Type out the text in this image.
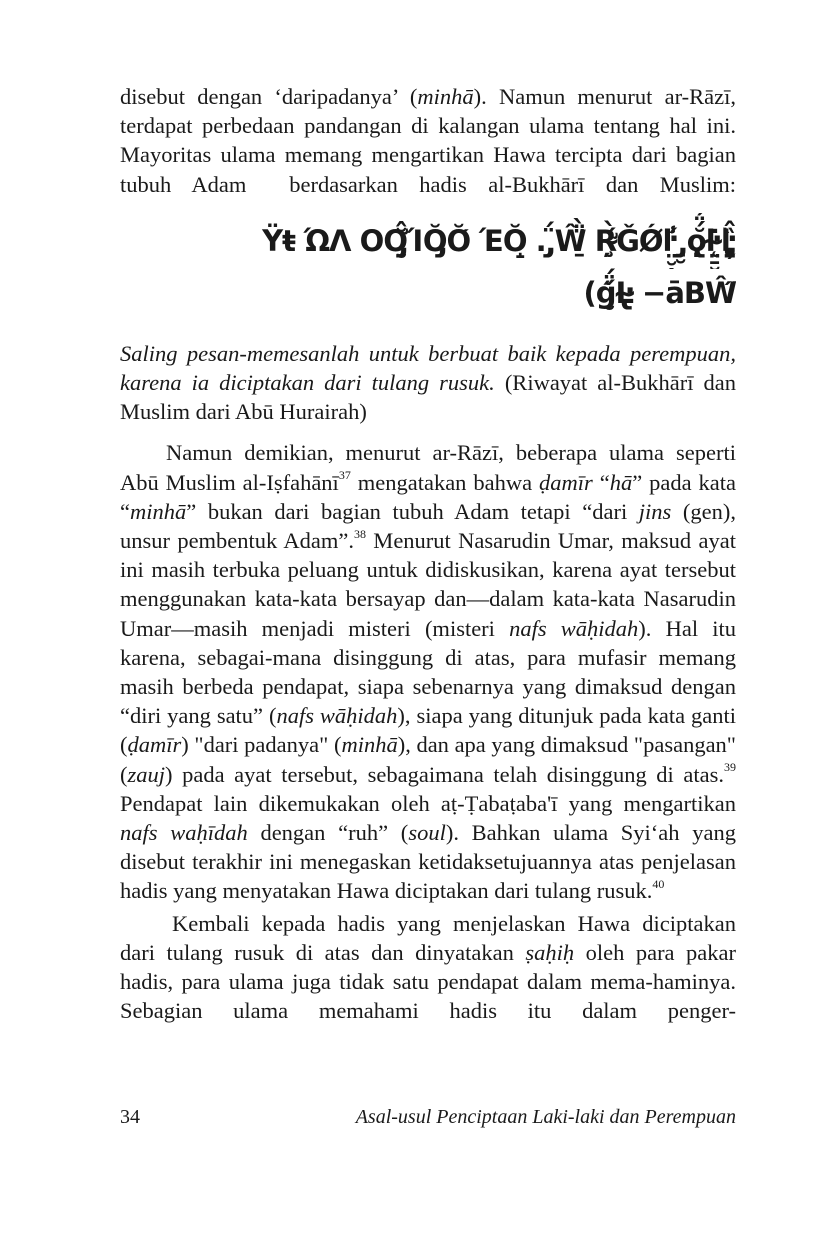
disebut dengan ‘daripadanya’ (minhā). Namun menurut ar-Rāzī, terdapat perbedaan pandangan di kalangan ulama tentang hal ini. Mayoritas ulama memang mengartikan Hawa tercipta dari bagian tubuh Adam  berdasarkan hadis al-Bukhārī dan Muslim:

Ÿ‪ŧ ΏΛ ΟƠ̡̮̆̂ΊŎ̡̧Ŏ́ ΈŎ̝ . ̡̈́Ŵ̱̈̈̀ Ŗ̴̧̛́̀ǦǾŀ̤̮̭́̾ ̡̱̮ọ̢̆́̈́̈ŀ̴̨̤̱̮̇ŀ̧̡̨̢̗̏̂
(ģ̮́̈́Ŀ̴̢ −āΒŴ̋

Saling pesan-memesanlah untuk berbuat baik kepada perempuan, karena ia diciptakan dari tulang rusuk. (Riwayat al-Bukhārī dan Muslim dari Abū Hurairah)

Namun demikian, menurut ar-Rāzī, beberapa ulama seperti Abū Muslim al-Iṣfahānī$^{37}$ mengatakan bahwa ḍamīr “hā” pada kata “minhā” bukan dari bagian tubuh Adam tetapi “dari jins (gen), unsur pembentuk Adam”.$^{38}$ Menurut Nasarudin Umar, maksud ayat ini masih terbuka peluang untuk didiskusikan, karena ayat tersebut menggunakan kata-kata bersayap dan—dalam kata-kata Nasarudin Umar—masih menjadi misteri (misteri nafs wāḥidah). Hal itu karena, sebagai-mana disinggung di atas, para mufasir memang masih berbeda pendapat, siapa sebenarnya yang dimaksud dengan “diri yang satu” (nafs wāḥidah), siapa yang ditunjuk pada kata ganti (ḍamīr) "dari padanya" (minhā), dan apa yang dimaksud "pasangan" (zauj) pada ayat tersebut, sebagaimana telah disinggung di atas.$^{39}$ Pendapat lain dikemukakan oleh aṭ-Ṭabaṭaba'ī yang mengartikan nafs waḥīdah dengan “ruh” (soul). Bahkan ulama Syi‘ah yang disebut terakhir ini menegaskan ketidaksetujuannya atas penjelasan hadis yang menyatakan Hawa diciptakan dari tulang rusuk.$^{40}$

Kembali kepada hadis yang menjelaskan Hawa diciptakan dari tulang rusuk di atas dan dinyatakan ṣaḥiḥ oleh para pakar hadis, para ulama juga tidak satu pendapat dalam mema-haminya. Sebagian ulama memahami hadis itu dalam penger-

34	Asal-usul Penciptaan Laki-laki dan Perempuan
